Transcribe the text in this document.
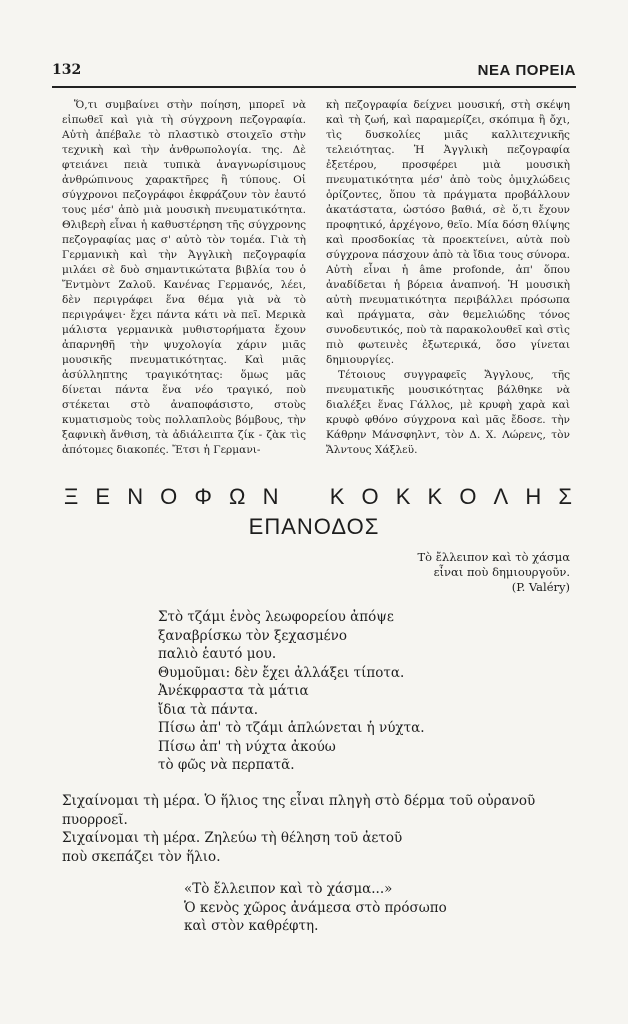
132	ΝΕΑ ΠΟΡΕΙΑ

Ὅ,τι συμβαίνει στὴν ποίηση, μπορεῖ νὰ εἰπωθεῖ καὶ γιὰ τὴ σύγχρονη πεζογραφία. Αὐτὴ ἀπέβαλε τὸ πλαστικὸ στοιχεῖο στὴν τεχνικὴ καὶ τὴν ἀνθρωπολογία. της. Δὲ φτειάνει πειὰ τυπικὰ ἀναγνωρίσιμους ἀνθρώπινους χαρακτῆρες ἢ τύπους. Οἱ σύγχρονοι πεζογράφοι ἐκφράζουν τὸν ἑαυτό τους μέσ' ἀπὸ μιὰ μουσικὴ πνευματικότητα. Θλιβερὴ εἶναι ἡ καθυστέρηση τῆς σύγχρονης πεζογραφίας μας σ' αὐτὸ τὸν τομέα. Γιὰ τὴ Γερμανικὴ καὶ τὴν Ἀγγλικὴ πεζογραφία μιλάει σὲ δυὸ σημαντικώτατα βιβλία του ὁ Ἔντμὸντ Ζαλοῦ. Κανένας Γερμανός, λέει, δὲν περιγράφει ἕνα θέμα γιὰ νὰ τὸ περιγράψει· ἔχει πάντα κάτι νὰ πεῖ. Μερικὰ μάλιστα γερμανικὰ μυθιστορήματα ἔχουν ἀπαρνηθῆ τὴν ψυχολογία χάριν μιᾶς μουσικῆς πνευματικότητας. Καὶ μιᾶς ἀσύλληπτης τραγικότητας: ὅμως μᾶς δίνεται πάντα ἕνα νέο τραγικό, ποὺ στέκεται στὸ ἀναποφάσιστο, στοὺς κυματισμοὺς τοὺς πολλαπλοὺς βόμβους, τὴν ξαφνικὴ ἄνθιση, τὰ ἀδιάλειπτα ζίκ - ζὰκ τὶς ἀπότομες διακοπές. Ἔτσι ἡ Γερμανι-

κὴ πεζογραφία δείχνει μουσική, στὴ σκέψη καὶ τὴ ζωή, καὶ παραμερίζει, σκόπιμα ἢ ὄχι, τὶς δυσκολίες μιᾶς καλλιτεχνικῆς τελειότητας. Ἡ Ἀγγλικὴ πεζογραφία ἐξετέρου, προσφέρει μιὰ μουσικὴ πνευματικότητα μέσ' ἀπὸ τοὺς ὁμιχλώδεις ὁρίζοντες, ὅπου τὰ πράγματα προβάλλουν ἀκατάστατα, ὠστόσο βαθιά, σὲ ὅ,τι ἔχουν προφητικό, ἀρχέγονο, θεϊο. Μία δόση θλίψης καὶ προσδοκίας τὰ προεκτείνει, αὐτὰ ποὺ σύγχρονα πάσχουν ἀπὸ τὰ ἴδια τους σύνορα. Αὐτὴ εἶναι ἡ âme profonde, ἀπ' ὅπου ἀναδίδεται ἡ βόρεια ἀναπνοή. Ἡ μουσικὴ αὐτὴ πνευματικότητα περιβάλλει πρόσωπα καὶ πράγματα, σὰν θεμελιώδης τόνος συνοδευτικός, ποὺ τὰ παρακολουθεῖ καὶ στὶς πιὸ φωτεινὲς ἐξωτερικά, ὅσο γίνεται δημιουργίες.

Τέτοιους συγγραφεῖς Ἄγγλους, τῆς πνευματικῆς μουσικότητας βάλθηκε νὰ διαλέξει ἕνας Γάλλος, μὲ κρυφὴ χαρὰ καὶ κρυφὸ φθόνο σύγχρονα καὶ μᾶς ἔδοσε. τὴν Κάθρην Μάνσφηλντ, τὸν Δ. Χ. Λώρενς, τὸν Ἄλντους Χάξλεϋ.

Ξ Ε Ν Ο Φ Ω Ν Κ Ο Κ Κ Ο Λ Η Σ
ΕΠΑΝΟΔΟΣ
Τὸ ἔλλειπον καὶ τὸ χάσμα
εἶναι ποὺ δημιουργοῦν.
(P. Valéry)
Στὸ τζάμι ἑνὸς λεωφορείου ἀπόψε
ξαναβρίσκω τὸν ξεχασμένο
παλιὸ ἑαυτό μου.
Θυμοῦμαι: δὲν ἔχει ἀλλάξει τίποτα.
Ἀνέκφραστα τὰ μάτια
ἴδια τὰ πάντα.
Πίσω ἀπ' τὸ τζάμι ἁπλώνεται ἡ νύχτα.
Πίσω ἀπ' τὴ νύχτα ἀκούω
τὸ φῶς νὰ περπατᾶ.
Σιχαίνομαι τὴ μέρα. Ὁ ἥλιος της εἶναι πληγὴ στὸ δέρμα τοῦ οὐρανοῦ
πυορροεῖ.
Σιχαίνομαι τὴ μέρα. Ζηλεύω τὴ θέληση τοῦ ἀετοῦ
ποὺ σκεπάζει τὸν ἥλιο.
«Τὸ ἔλλειπον καὶ τὸ χάσμα...»
Ὁ κενὸς χῶρος ἀνάμεσα στὸ πρόσωπο
καὶ στὸν καθρέφτη.
